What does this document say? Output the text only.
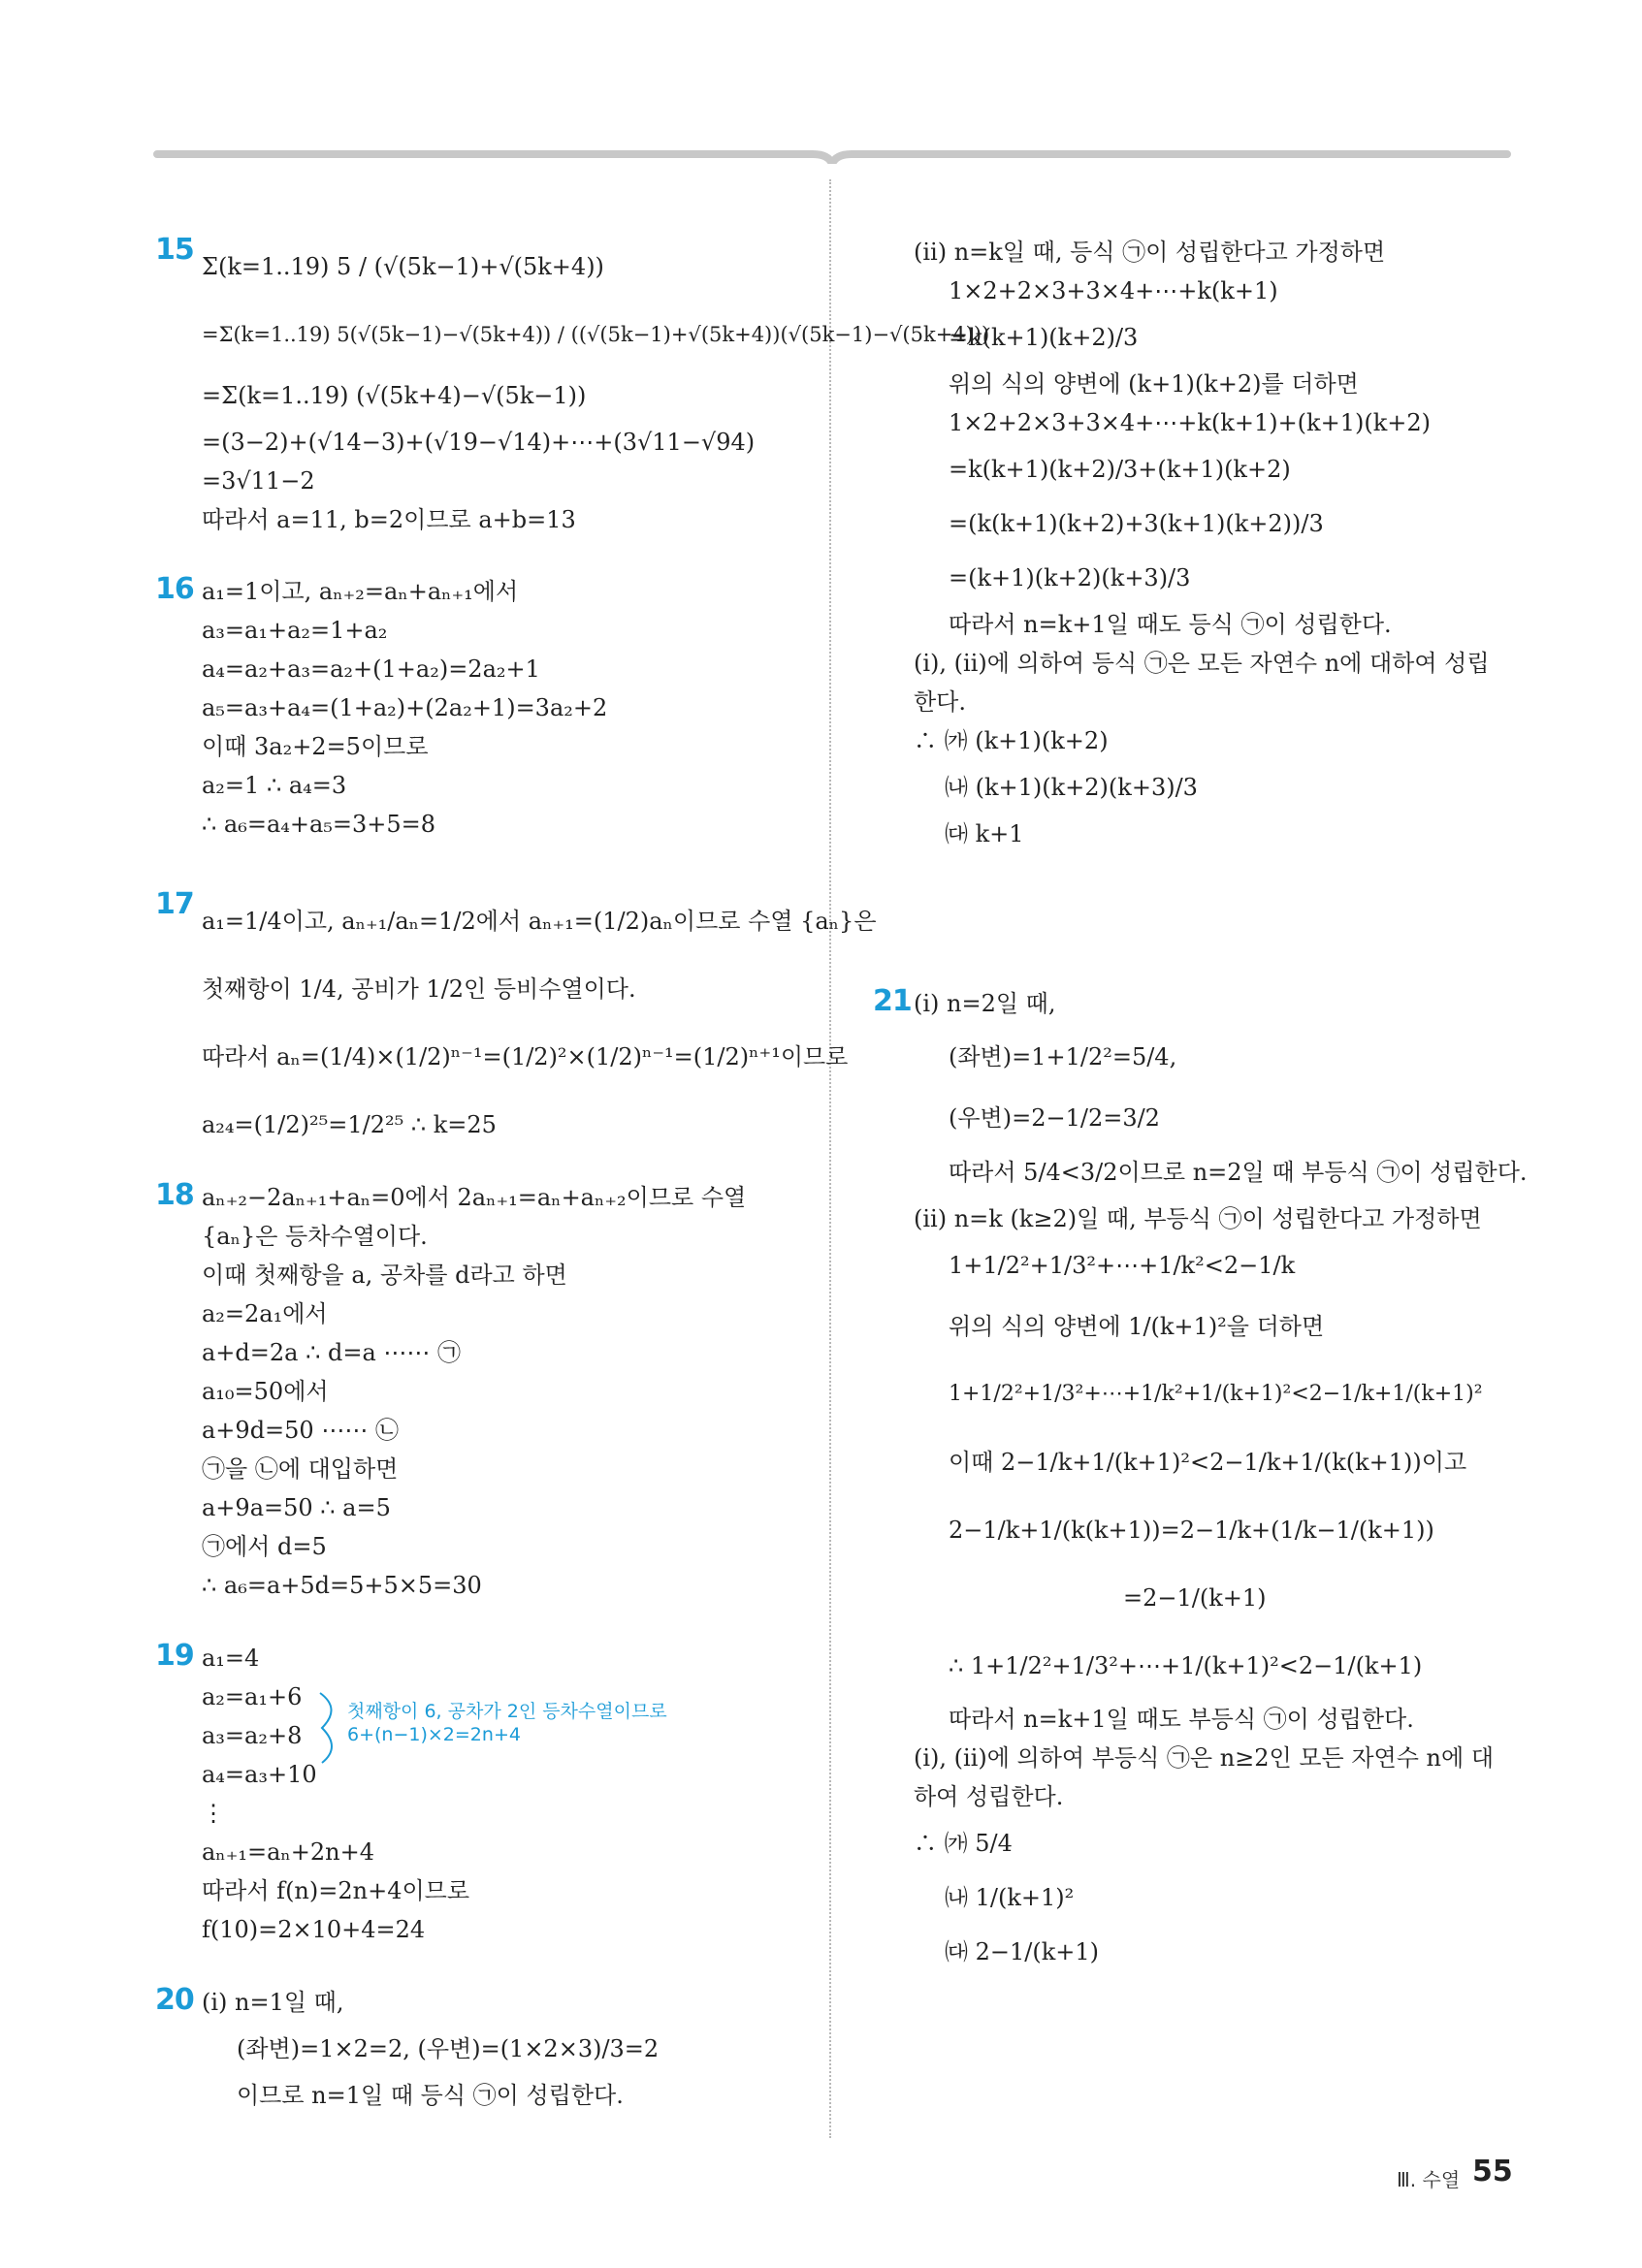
15 Σ(k=1..19) 5 / (√(5k−1)+√(5k+4))
=Σ(k=1..19) 5(√(5k−1)−√(5k+4)) / ((√(5k−1)+√(5k+4))(√(5k−1)−√(5k+4)))
=Σ(k=1..19) (√(5k+4)−√(5k−1))
=(3−2)+(√14−3)+(√19−√14)+⋯+(3√11−√94)
=3√11−2
따라서 a=11, b=2이므로 a+b=13
16 a₁=1이고, aₙ₊₂=aₙ+aₙ₊₁에서
a₃=a₁+a₂=1+a₂
a₄=a₂+a₃=a₂+(1+a₂)=2a₂+1
a₅=a₃+a₄=(1+a₂)+(2a₂+1)=3a₂+2
이때 3a₂+2=5이므로
a₂=1 ∴ a₄=3
∴ a₆=a₄+a₅=3+5=8
17 a₁=1/4이고, aₙ₊₁/aₙ=1/2에서 aₙ₊₁=(1/2)aₙ이므로 수열 {aₙ}은
첫째항이 1/4, 공비가 1/2인 등비수열이다.
따라서 aₙ=(1/4)×(1/2)ⁿ⁻¹=(1/2)²×(1/2)ⁿ⁻¹=(1/2)ⁿ⁺¹이므로
a₂₄=(1/2)²⁵=1/2²⁵ ∴ k=25
18 aₙ₊₂−2aₙ₊₁+aₙ=0에서 2aₙ₊₁=aₙ+aₙ₊₂이므로 수열
{aₙ}은 등차수열이다.
이때 첫째항을 a, 공차를 d라고 하면
a₂=2a₁에서
a+d=2a ∴ d=a ⋯⋯ ㉠
a₁₀=50에서
a+9d=50 ⋯⋯ ㉡
㉠을 ㉡에 대입하면
a+9a=50 ∴ a=5
㉠에서 d=5
∴ a₆=a+5d=5+5×5=30
19 a₁=4
a₂=a₁+6
a₃=a₂+8
a₄=a₃+10
⋮
aₙ₊₁=aₙ+2n+4
따라서 f(n)=2n+4이므로
f(10)=2×10+4=24
첫째항이 6, 공차가 2인 등차수열이므로
6+(n−1)×2=2n+4
20 (ⅰ) n=1일 때,
(좌변)=1×2=2, (우변)=(1×2×3)/3=2
이므로 n=1일 때 등식 ㉠이 성립한다.
(ⅱ) n=k일 때, 등식 ㉠이 성립한다고 가정하면
1×2+2×3+3×4+⋯+k(k+1)
=k(k+1)(k+2)/3
위의 식의 양변에 (k+1)(k+2)를 더하면
1×2+2×3+3×4+⋯+k(k+1)+(k+1)(k+2)
=k(k+1)(k+2)/3+(k+1)(k+2)
=(k(k+1)(k+2)+3(k+1)(k+2))/3
=(k+1)(k+2)(k+3)/3
따라서 n=k+1일 때도 등식 ㉠이 성립한다.
(ⅰ), (ⅱ)에 의하여 등식 ㉠은 모든 자연수 n에 대하여 성립
한다.
∴ ㈎ (k+1)(k+2)
㈏ (k+1)(k+2)(k+3)/3
㈐ k+1
21 (ⅰ) n=2일 때,
(좌변)=1+1/2²=5/4,
(우변)=2−1/2=3/2
따라서 5/4<3/2이므로 n=2일 때 부등식 ㉠이 성립한다.
(ⅱ) n=k (k≥2)일 때, 부등식 ㉠이 성립한다고 가정하면
1+1/2²+1/3²+⋯+1/k²<2−1/k
위의 식의 양변에 1/(k+1)²을 더하면
1+1/2²+1/3²+⋯+1/k²+1/(k+1)²<2−1/k+1/(k+1)²
이때 2−1/k+1/(k+1)²<2−1/k+1/(k(k+1))이고
2−1/k+1/(k(k+1))=2−1/k+(1/k−1/(k+1))
=2−1/(k+1)
∴ 1+1/2²+1/3²+⋯+1/(k+1)²<2−1/(k+1)
따라서 n=k+1일 때도 부등식 ㉠이 성립한다.
(ⅰ), (ⅱ)에 의하여 부등식 ㉠은 n≥2인 모든 자연수 n에 대
하여 성립한다.
∴ ㈎ 5/4
㈏ 1/(k+1)²
㈐ 2−1/(k+1)
Ⅲ. 수열 55
